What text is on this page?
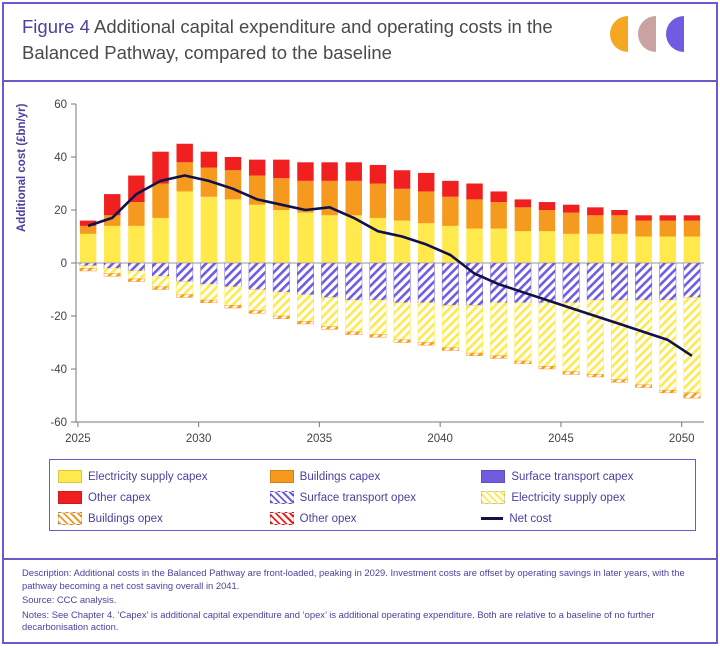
Figure 4 Additional capital expenditure and operating costs in the Balanced Pathway, compared to the baseline
Additional cost (£bn/yr)
-60
-40
-20
0
20
40
60
2025	2030	2035	2040	2045	2050
Electricity supply capex	Buildings capex	Surface transport capex
Other capex	Surface transport opex	Electricity supply opex
Buildings opex	Other opex	Net cost

Description: Additional costs in the Balanced Pathway are front-loaded, peaking in 2029. Investment costs are offset by operating savings in later years, with the pathway becoming a net cost saving overall in 2041.

Source: CCC analysis.

Notes: See Chapter 4. ‘Capex’ is additional capital expenditure and ‘opex’ is additional operating expenditure. Both are relative to a baseline of no further decarbonisation action.
